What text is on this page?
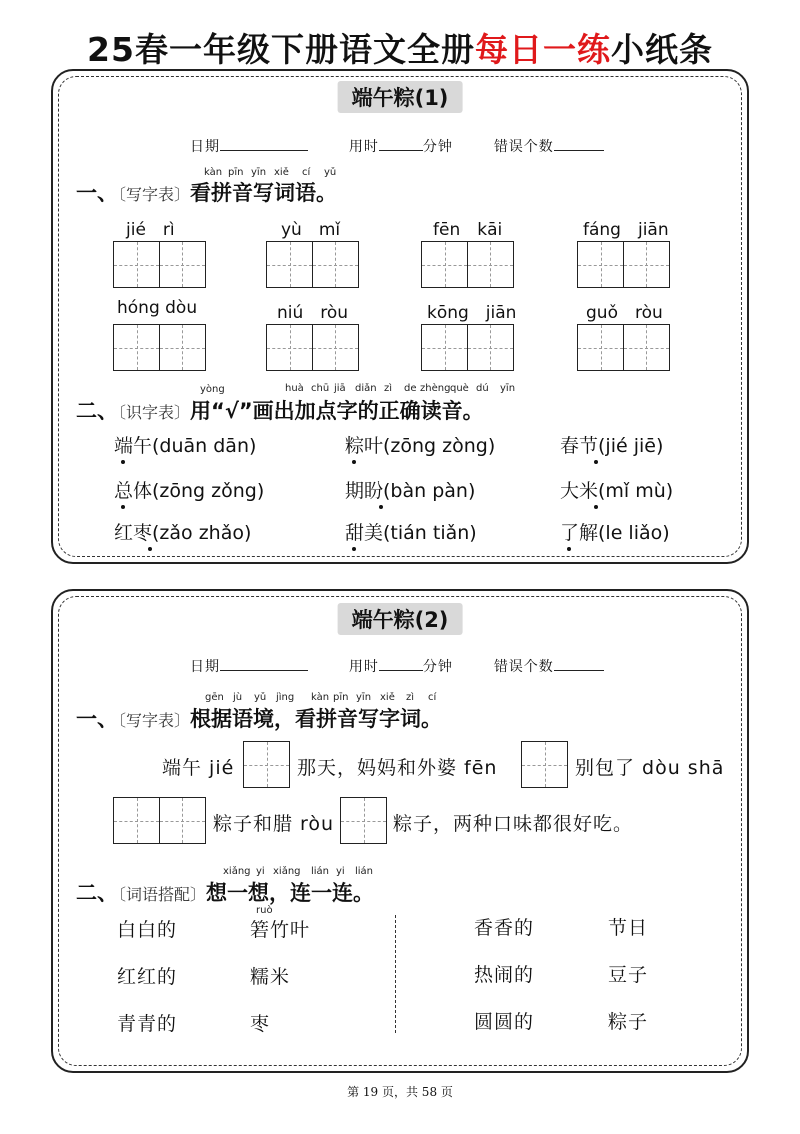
25春一年级下册语文全册每日一练小纸条
端午粽(1)
日期	用时	分钟	错误个数
一、〔写字表〕看拼音写词语。
kàn pīn yīn xiě cí yǔ
jié　rì	yù　mǐ	fēn　kāi	fáng　jiān
hóng dòu	niú　ròu	kōng　jiān	guǒ　ròu
二、〔识字表〕用“√”画出加点字的正确读音。
yòng	huà chū jiā diǎn zì de zhèng què dú yīn
端午(duān dān)	粽叶(zōng zòng)	春节(jié jiē)
总体(zōng zǒng)	期盼(bàn pàn)	大米(mǐ mù)
红枣(zǎo zhǎo)	甜美(tián tiǎn)	了解(le liǎo)
端午粽(2)
日期	用时	分钟	错误个数
一、〔写字表〕根据语境，看拼音写字词。
gēn jù yǔ jìng kàn pīn yīn xiě zì cí
端午 jié	那天，妈妈和外婆 fēn	别包了 dòu shā
粽子和腊 ròu	粽子，两种口味都很好吃。
二、〔词语搭配〕想一想，连一连。
xiǎng yi xiǎng lián yi lián
ruò
白白的	箬竹叶
红红的	糯米
青青的	枣
香香的	节日
热闹的	豆子
圆圆的	粽子
第 19 页，共 58 页
